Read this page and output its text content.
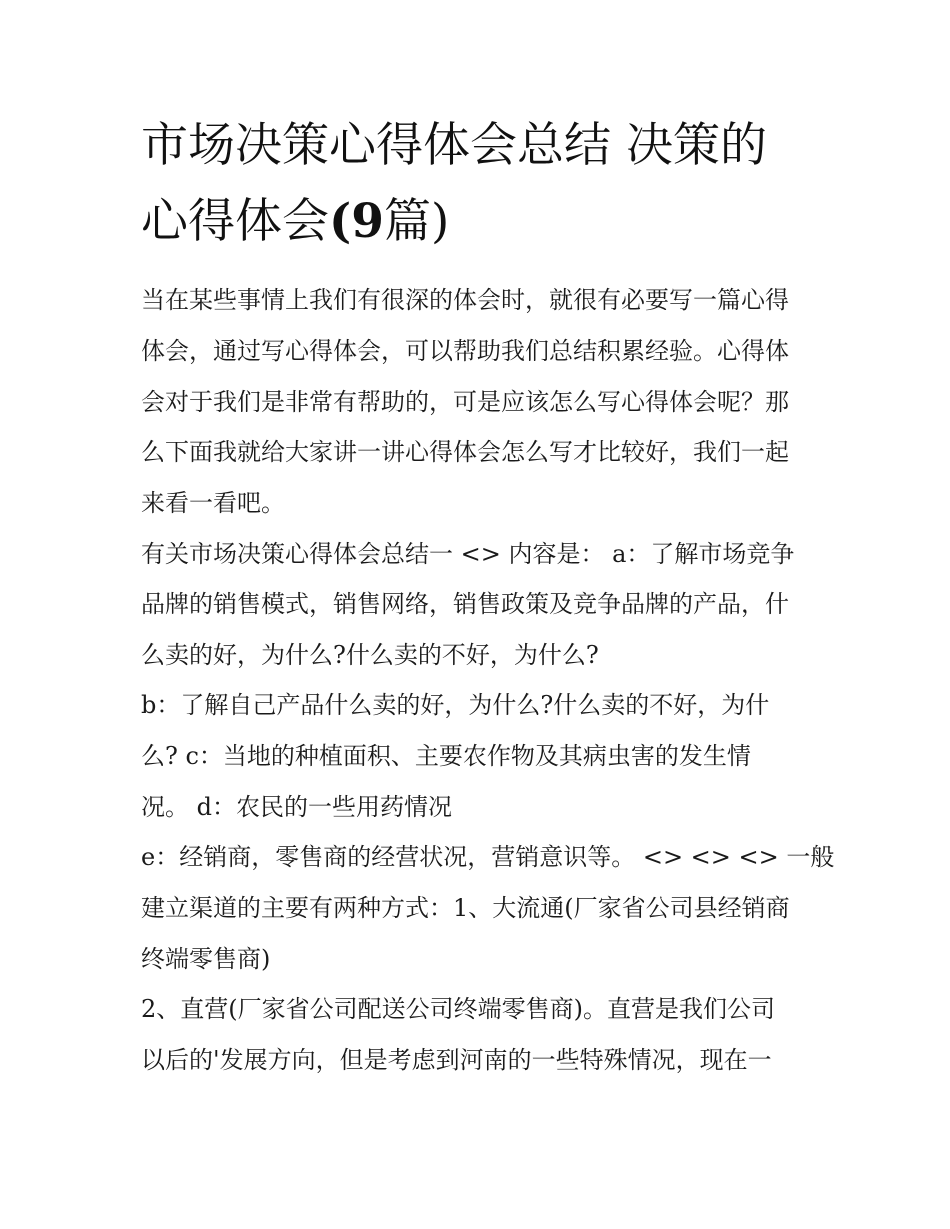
市场决策心得体会总结 决策的
心得体会(9篇)

当在某些事情上我们有很深的体会时，就很有必要写一篇心得

体会，通过写心得体会，可以帮助我们总结积累经验。心得体

会对于我们是非常有帮助的，可是应该怎么写心得体会呢？那

么下面我就给大家讲一讲心得体会怎么写才比较好，我们一起

来看一看吧。

有关市场决策心得体会总结一 <> 内容是： a：了解市场竞争

品牌的销售模式，销售网络，销售政策及竞争品牌的产品，什

么卖的好，为什么?什么卖的不好，为什么?

b：了解自己产品什么卖的好，为什么?什么卖的不好，为什

么? c：当地的种植面积、主要农作物及其病虫害的发生情

况。 d：农民的一些用药情况

e：经销商，零售商的经营状况，营销意识等。 <> <> <> 一般

建立渠道的主要有两种方式：1、大流通(厂家省公司县经销商

终端零售商)

2、直营(厂家省公司配送公司终端零售商)。直营是我们公司

以后的'发展方向，但是考虑到河南的一些特殊情况，现在一
